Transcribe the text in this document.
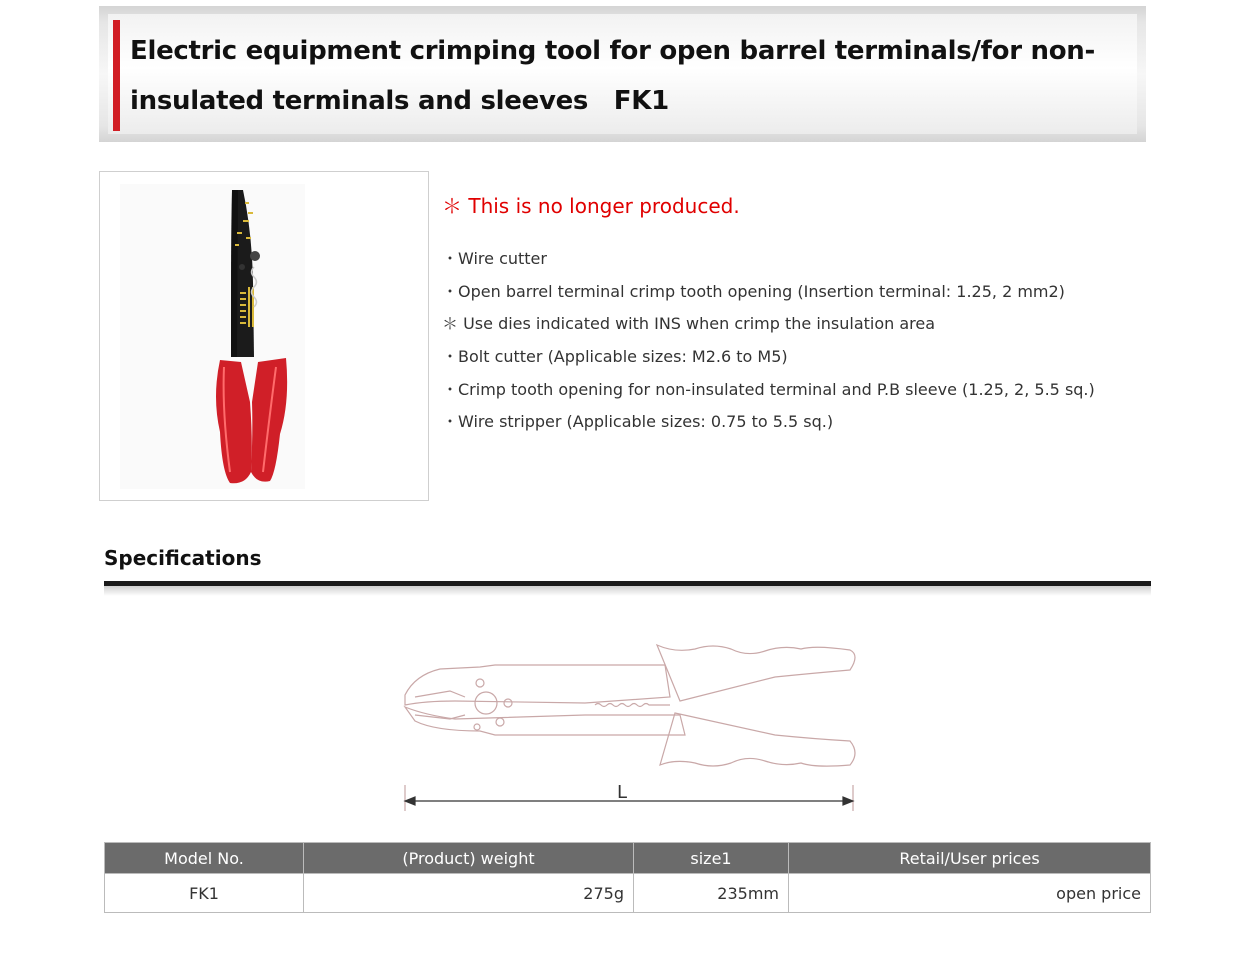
Electric equipment crimping tool for open barrel terminals/for non-insulated terminals and sleeves　FK1
＊ This is no longer produced.
・Wire cutter
・Open barrel terminal crimp tooth opening (Insertion terminal: 1.25, 2 mm2)
＊ Use dies indicated with INS when crimp the insulation area
・Bolt cutter (Applicable sizes: M2.6 to M5)
・Crimp tooth opening for non-insulated terminal and P.B sleeve (1.25, 2, 5.5 sq.)
・Wire stripper (Applicable sizes: 0.75 to 5.5 sq.)
Specifications
L
Model No.	(Product) weight	size1	Retail/User prices
FK1	275g	235mm	open price
